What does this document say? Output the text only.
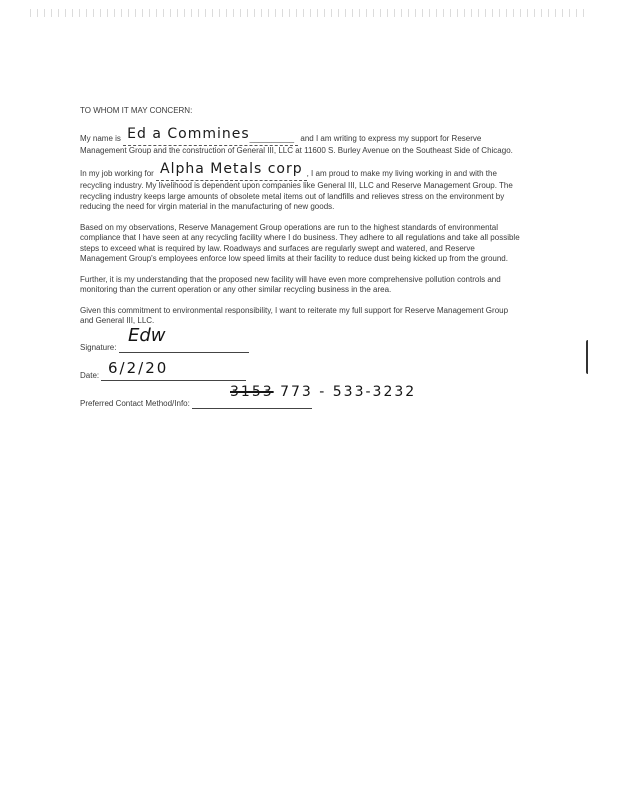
TO WHOM IT MAY CONCERN:

My name is Ed a Commines__________ and I am writing to express my support for Reserve Management Group and the construction of General III, LLC at 11600 S. Burley Avenue on the Southeast Side of Chicago.

In my job working for Alpha Metals corp , I am proud to make my living working in and with the recycling industry. My livelihood is dependent upon companies like General III, LLC and Reserve Management Group. The recycling industry keeps large amounts of obsolete metal items out of landfills and relieves stress on the environment by reducing the need for virgin material in the manufacturing of new goods.

Based on my observations, Reserve Management Group operations are run to the highest standards of environmental compliance that I have seen at any recycling facility where I do business. They adhere to all regulations and take all possible steps to exceed what is required by law. Roadways and surfaces are regularly swept and watered, and Reserve Management Group's employees enforce low speed limits at their facility to reduce dust being kicked up from the ground.

Further, it is my understanding that the proposed new facility will have even more comprehensive pollution controls and monitoring than the current operation or any other similar recycling business in the area.

Given this commitment to environmental responsibility, I want to reiterate my full support for Reserve Management Group and General III, LLC.

Signature:
Edw
Date: 6/2/20
Preferred Contact Method/Info:
3153 773 - 533-3232
